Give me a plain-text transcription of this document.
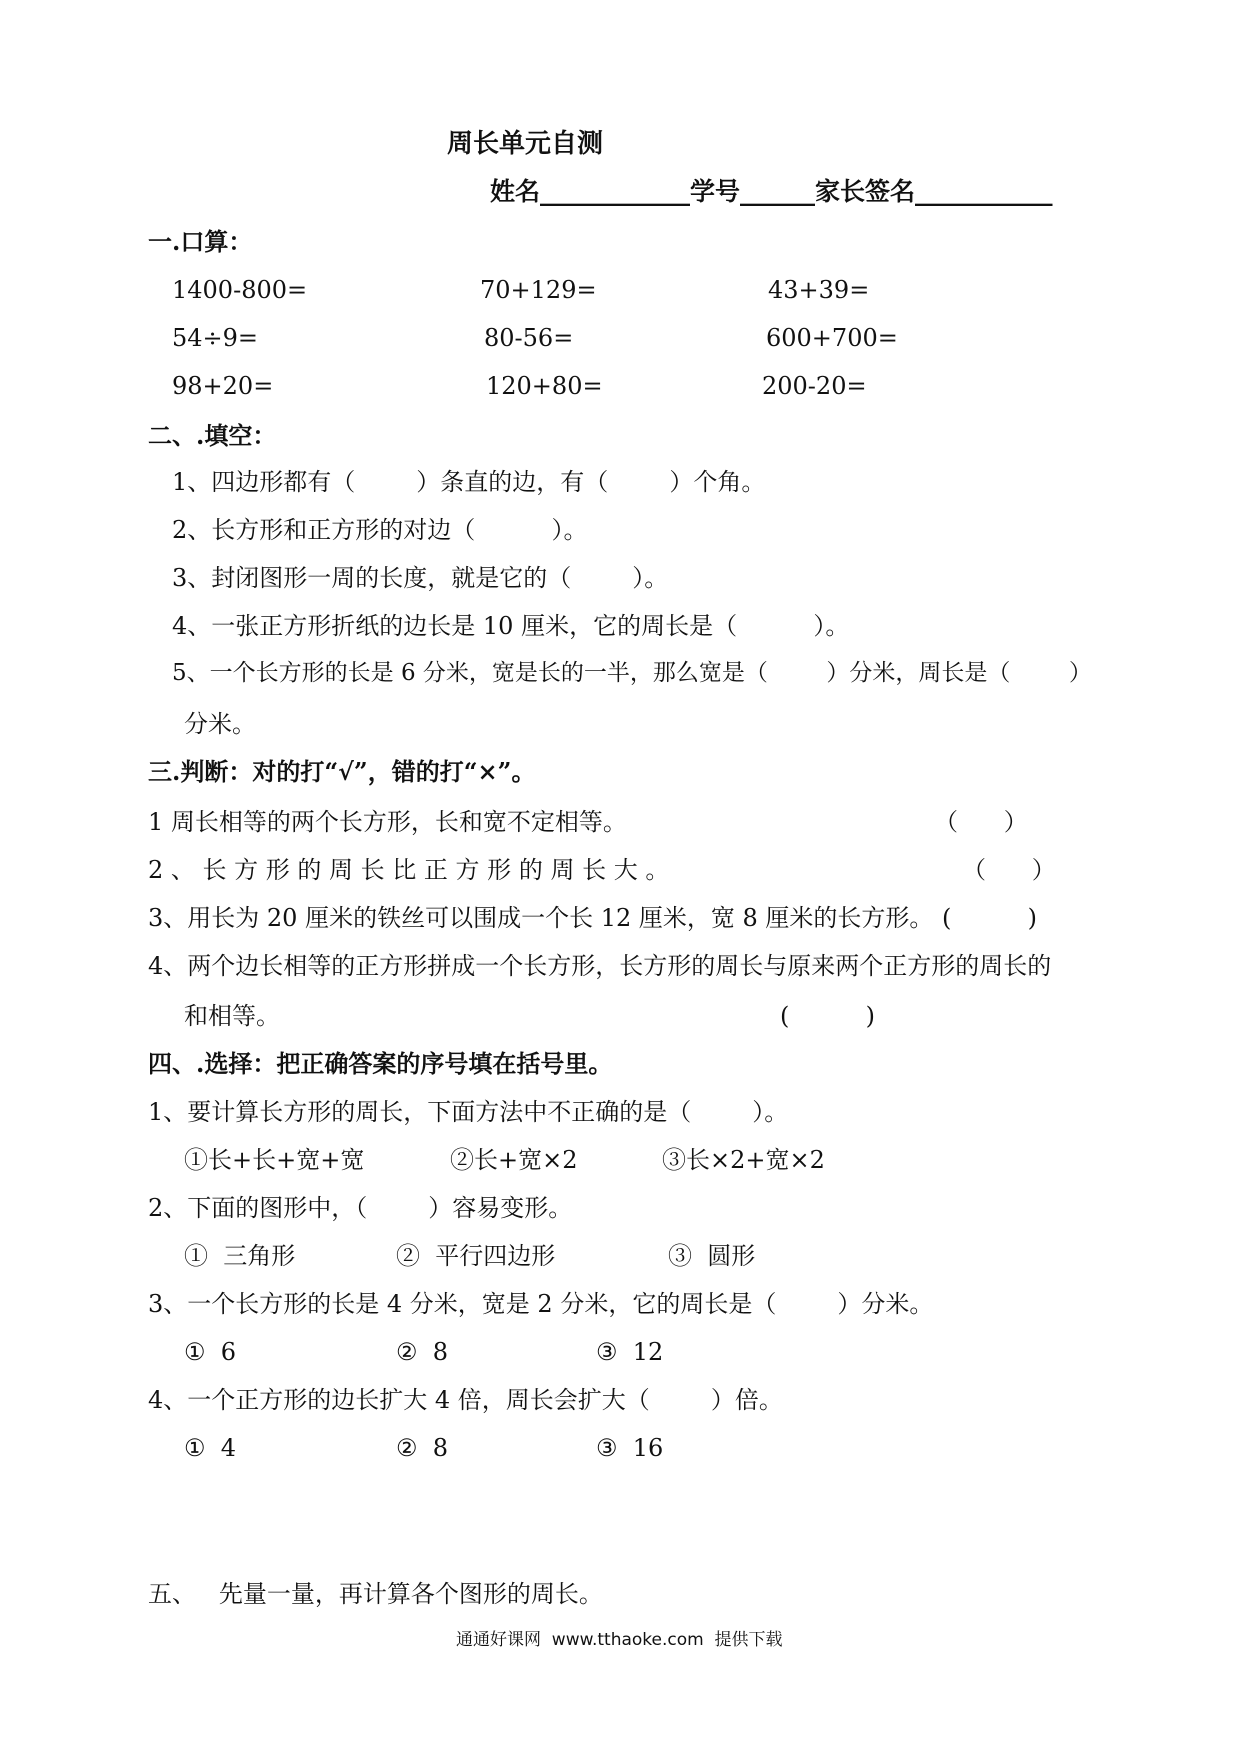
周长单元自测
姓名____________学号______家长签名___________
一.口算：
1400-800=	70+129=	43+39=
54÷9=	80-56=	600+700=
98+20=	120+80=	200-20=
二、.填空：
1、四边形都有（        ）条直的边，有（        ）个角。
2、长方形和正方形的对边（          ）。
3、封闭图形一周的长度，就是它的（        ）。
4、一张正方形折纸的边长是 10 厘米，它的周长是（          ）。
5、一个长方形的长是 6 分米，宽是长的一半，那么宽是（        ）分米，周长是（        ）
分米。
三.判断：对的打“√”，错的打“×”。
1 周长相等的两个长方形，长和宽不定相等。	（      ）
2 、 长 方 形 的 周 长 比 正 方 形 的 周 长 大 。	（      ）
3、用长为 20 厘米的铁丝可以围成一个长 12 厘米，宽 8 厘米的长方形。 (          )
4、两个边长相等的正方形拼成一个长方形，长方形的周长与原来两个正方形的周长的
和相等。	(          )
四、.选择：把正确答案的序号填在括号里。
1、要计算长方形的周长，下面方法中不正确的是（        ）。
①长+长+宽+宽	②长+宽×2	③长×2+宽×2
2、下面的图形中，（        ）容易变形。
①  三角形	②  平行四边形	③  圆形
3、一个长方形的长是 4 分米，宽是 2 分米，它的周长是（        ）分米。
①  6	②  8	③  12
4、一个正方形的边长扩大 4 倍，周长会扩大（        ）倍。
①  4	②  8	③  16
五、   先量一量，再计算各个图形的周长。
通通好课网  www.tthaoke.com  提供下载
